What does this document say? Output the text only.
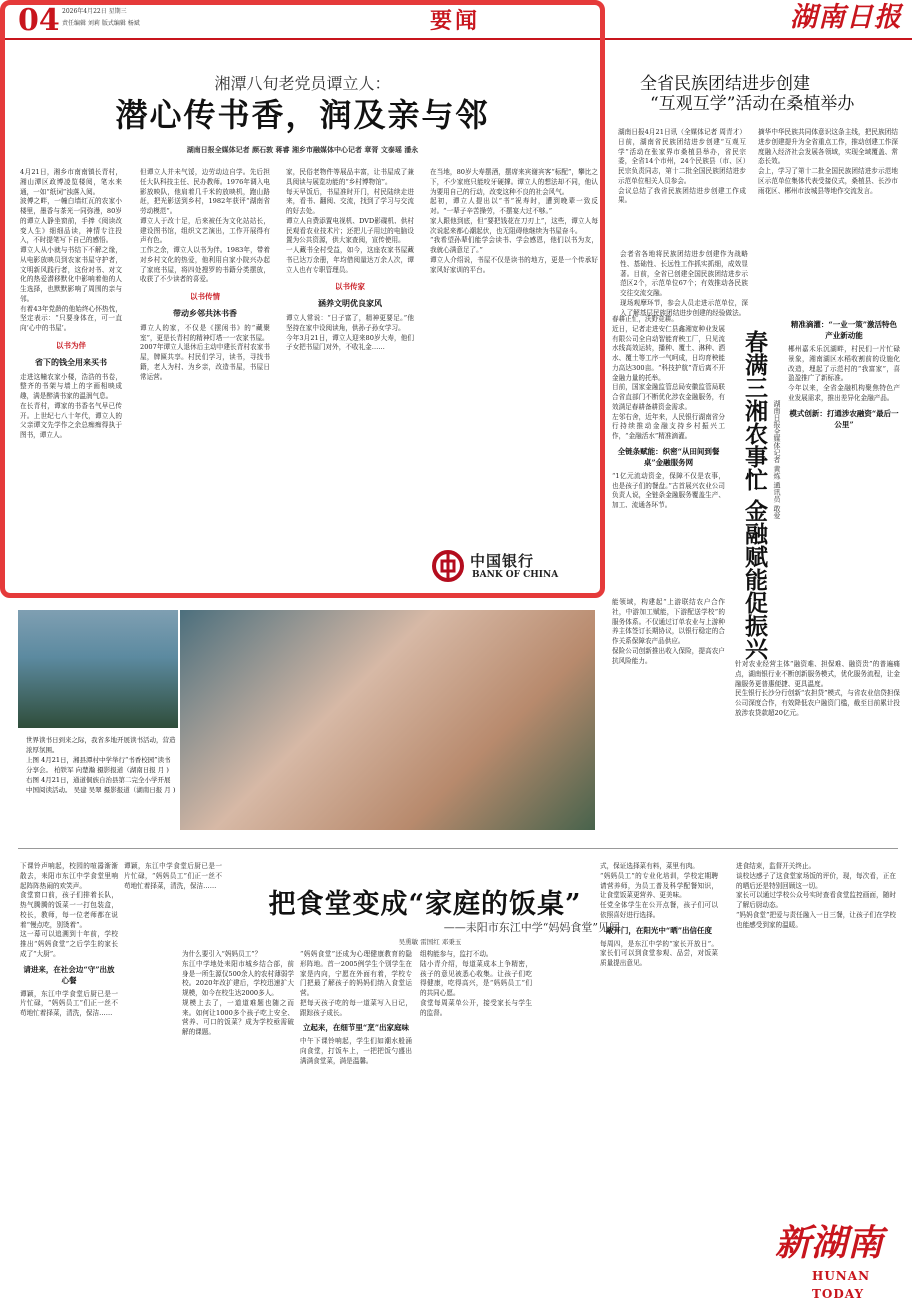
04 2026年4月22日 星期三
责任编辑 刘莉 版式编辑 杨斌	要闻	湖南日报
湘潭八旬老党员谭立人：
潜心传书香，润及亲与邻
湖南日报全媒体记者 颜石敦 蒋睿 湘乡市融媒体中心记者 章胥 文泰瑶 潘永
4月21日，湘乡市南南镇长青村，湘山潭区政博凌览楼阅，笔水来通，一如“纸词”浊落入阅。
波傅之畔，一幢白墙红瓦的农家小楼里，墨香与茶光一同弥漫，80岁的谭立人静坐窗前，手捧《阅读改变人生》细细品读，神情专注投入，不时提笔写下自己的感悟。
谭立人从小就与书结下不解之缘，从电影放映员到农家书屋守护者，文明新风践行者，这份对书、对文化的热爱潜移默化中影响着他的人生选择，也默默影响了周围的亲与邻。
有着43年党龄的他始终心怀热忱，坚定表示：“只要身体在，可一直向‘心中的书屋’。
以书为伴
省下的钱全用来买书
走进这幢农家小楼，浩浩的书卷，整齐的书架与墙上的字画相映成趣，满是醉满书家的温润气息。
在长青村，谭家的书香名气早已传开。上世纪七八十年代，谭立人的父亲谭文先学作之余总痴痴得执于图书，谭立人。
但谭立人并未气馁，边劳动边自学。先后担任大队科技主任、民办教师。1976年调入电影放映队，他肩着几千米的放映机，跑山路赶，把光影送到乡村，1982年获评“湖南省劳动模范”。
谭立人于改十足，后来被任为文化站站长，建设图书馆，组织文艺演出，工作开展得有声有色。
工作之余，谭立人以书为伴。1983年，带着对乡村文化的热爱，他利用自家小院兴办起了家庭书屋，将四处搜罗的书籍分类摆放，收获了不少读者的喜爱。
以书传情
带动乡邻共沐书香
谭立人的家，不仅是《摆闲书》的“藏聚室”，更是长青村的精神灯塔一一农家书屋。
2007年谭立人退休后主动申建长青村农家书屋，牌匾共享。村民们学习，读书，寻找书籍，老人为村、为乡亲，改造书屋，书屋日常运营。
家，民俗老物件等展品丰富，让书屋成了兼具阅读与展览功能的“乡村博物馆”。
每天早饭后，书屋准时开门，村民陆续走进来，看书、翻阅、交流，找到了学习与交流的好去处。
谭立人自费添置电视机、DVD影碟机、供村民观看农业技术片；还把儿子用过的电脑设置为公共资源，供大家查阅，宣传使用。
一人藏书全村受益，如今，这座农家书屋藏书已达万余册，年均借阅量达万余人次，谭立人也有专职管理员。
以书传家
涵养文明优良家风
谭立人常说：“日子富了，精神更要足。”他坚持在家中设阅读角，供孙子孙女学习。
今年3月21日，谭立人迎来80岁大寿，他们子女把书屋门对外，不收礼金……
在当地，80岁大寿摆酒，摆席来宾谢宾客“标配”，攀比之下，不少家庭只能咬牙硬撑。谭立人的想法却不同，他认为要用自己的行动，改变这种不良的社会风气。
起初，谭立人提出以“书”祝寿时，遭到晚辈一致反对。“一辈子辛苦操劳，不摆宴大过不够。”
家人跟他到底，但“要把钱花在刀刃上”，这些，谭立人每次说起来都心潮起伏，也无阻碍他继续为书屋奋斗。
“我希望孙辈们能学会读书、学会感恩，他们以书为友，我就心满意足了。”
谭立人介绍说，书屋不仅是读书的地方，更是一个传承好家风好家训的平台。
中国银行
BANK OF CHINA
全省民族团结进步创建
“互观互学”活动在桑植举办
湖南日报4月21日讯（全媒体记者 周青才）日前，湖南省民族团结进步创建“互观互学”活动在张家界市桑植县举办，省民宗委，全省14个市州，24个民族县（市、区）民宗负责同志，第十二批全国民族团结进步示范单位相关人员参会。
会议总结了我省民族团结进步创建工作成果。
会者省各地将民族团结进步创建作为战略性、基础性、长远性工作抓实抓细，成效显著。目前，全省已创建全国民族团结进步示范区2个，示范单位67个；有效推动各民族交往交流交融。
现场观摩环节，参会人员走进示范单位，深入了解基层民族团结进步创建的经验做法。
摘华中华民族共同体意识这条主线，把民族团结进步创建提升为全省重点工作，推动创建工作深度融入经济社会发展各领域，实现全域覆盖、常态长效。
会上，学习了第十二批全国民族团结进步示范地区示范单位集体代表受接仪式，桑植县、长沙市雨花区、郴州市汝城县等地作交流发言。
春耕正忙，沃野竞耕。
近日，记者走进安仁县鑫湘宽种业发展有限公司全自动智能育秧工厂，只见流水线高效运转，播种、覆土、淋种、洒水、覆土等工序一气呵成，日均育秧能力高达300亩。“科技护航”背后离不开金融力量的托举。
目前，国家金融监管总局安徽监管局联合省直部门不断优化涉农金融服务，有效满足春耕备耕资金需求。
左邻右舍，近年来，人民银行湖南省分行持续推动金融支持乡村振兴工作，“金融活水”精准滴灌。
全链条赋能：织密“从田间到餐桌”金融服务网
“1亿元流动资金，保障不仅是农事，也是孩子们的餐盘。”古首展兴农业公司负责人说，全链条金融服务覆盖生产、加工、流通各环节。
能领域，构建起“上游联结农户合作社，中游加工赋能，下游配送学校”的服务体系。不仅通过订单农业与上游种养主体签订长期协议，以银行稳定的合作关系保障农产品供应。
保险公司创新推出收入保险，提高农户抗风险能力。
春满三湘农事忙 金融赋能促振兴 湖南日报全媒体记者 黄炼 通讯员 敢爱
精准滴灌：“一业一策”激活特色产业新动能
郴州嘉禾乐沉湖畔，村民们一片忙碌景象，湘南湖区水稻收割前的设施化改造，埋起了示范村的“我富家”，喜盈盈推广了新标准。
今年以来，全省金融机构聚焦特色产业发展需求，推出差异化金融产品。
模式创新：打通涉农融资“最后一公里”
针对农业经营主体“融资难、担保难、融资贵”的普遍痛点，湖南银行业不断创新服务模式，优化服务流程，让金融服务更普惠便捷、更具温度。
民生银行长沙分行创新“农担贷”模式，与省农业信贷担保公司深度合作，有效降低农户融资门槛，截至目前累计投放涉农贷款超20亿元。
世界读书日到来之际，我省多地开展读书活动，营造浓厚氛围。
上图 4月21日，湘县潭村中学举行“书香校园”读书分享会。 柏铁军 向楚瀚 摄影报道（湖南日报 月 )
右图 4月21日，通道侗族自治县第二完全小学开展中国阅读活动。 吴建 吴翠 摄影报道（湖南日报 月 )
把食堂变成“家庭的饭桌”
——耒阳市东江中学“妈妈食堂”见闻
吴熏敏 雷国红 邓秉玉
下课铃声响起，校园的喧嚣渐渐散去，耒阳市东江中学食堂里响起阵阵热闹的欢笑声。
食堂窗口前，孩子们排着长队，热气腾腾的饭菜一一打包装盒，校长，教师，每一位老师都在说着“慢点吃，别烫着”。
这一幕可以追溯到十年前，学校推出“妈妈食堂”之后学生的家长成了“大厨”。
请进来，在社会边“守”出放心餐
谭颖，东江中学食堂后厨已是一片忙碌，“妈妈员工”们正一丝不苟地忙着择菜，清洗，保洁……
谭颖，东江中学食堂后厨已是一片忙碌，“妈妈员工”们正一丝不苟地忙着择菜，清洗，保洁……
为什么要引入“妈妈员工”？
东江中学地处耒阳市城乡结合部，前身是一所生源仅500余人的农村薄弱学校。2020年改扩建后，学校迅速扩大规模，如今在校生达2000多人。
规模上去了，一道道难题也随之而来。如何让1000多个孩子吃上安全、营养、可口的饭菜？成为学校亟需破解的课题。
“妈妈食堂”还成为心理健康教育的隐形阵地。首一2005例学生个别学生在家是内向，宁愿在外面有着，学校专门把最了解孩子的妈妈们纳入食堂运营。
把每天孩子吃的每一道菜写入日记，跟踪孩子成长。
立起来，在细节里“烹”出家庭味
中午下课铃响起，学生们如潮水般涌向食堂，打饭车上，一把把饭勺盛出满满食堂菜，满是温馨。
组构能参与，监打不动。
陆小青介绍，每道菜成本上争精密，孩子的意见被悉心收集。让孩子们吃得健康，吃得高兴，是“妈妈员工”们的共同心愿。
食堂每周菜单公开，接受家长与学生的监督。
式，保证选择菜有料，菜里有肉。
“妈妈员工”的专业化培训，学校定期聘请营养师，为员工普及科学配餐知识，让食堂饭菜更营养、更美味。
任党全体学生在公开点餐，孩子们可以依照喜好进行选择。
敞开门，在阳光中“晒”出信任度
每周四，是东江中学的“家长开放日”。家长们可以到食堂参观、品尝，对饭菜质量提出意见。
进食结束，监督开关终止。
谈校达感子了这食堂家场饭的评价，现，每次看，正在的晒后还是特别回顾这一切。
家长可以通过学校公众号实时查看食堂监控画面，随时了解后厨动态。
“妈妈食堂”把爱与责任融入一日三餐，让孩子们在学校也能感受到家的温暖。
新湖南
HUNAN TODAY
